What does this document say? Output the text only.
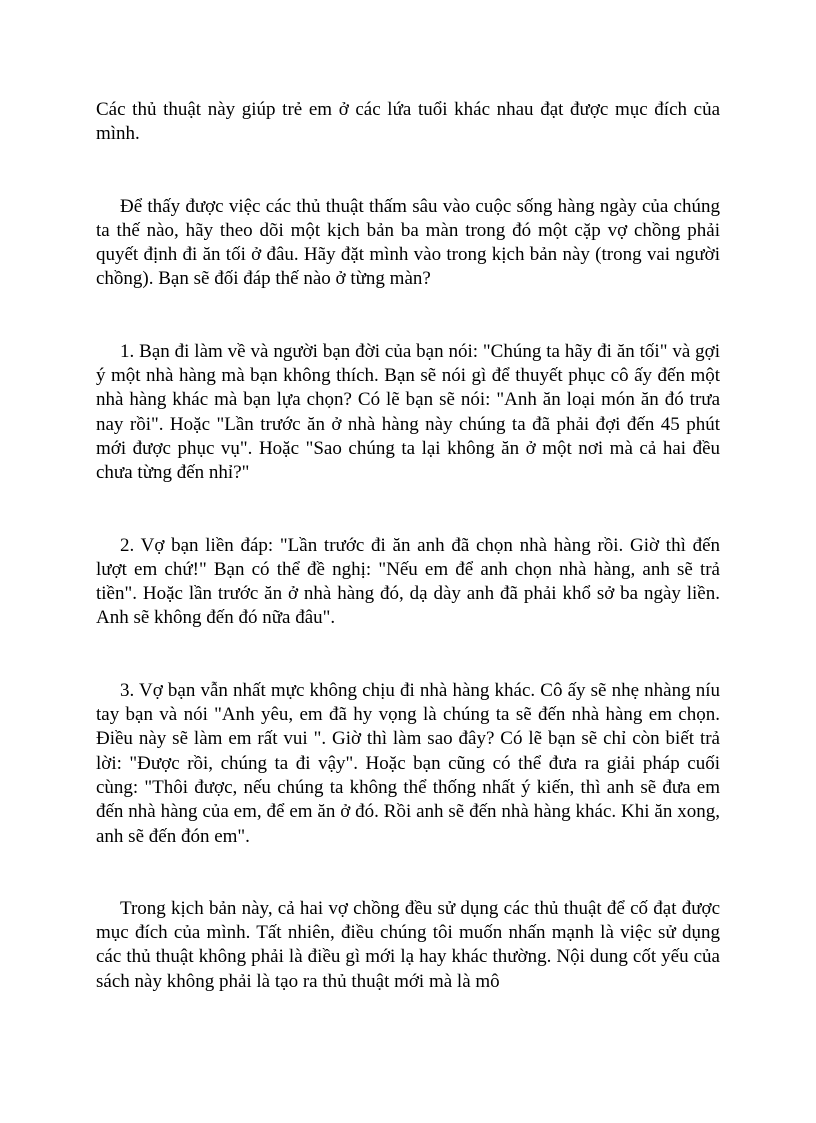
Các thủ thuật này giúp trẻ em ở các lứa tuổi khác nhau đạt được mục đích của mình.

Để thấy được việc các thủ thuật thấm sâu vào cuộc sống hàng ngày của chúng ta thế nào, hãy theo dõi một kịch bản ba màn trong đó một cặp vợ chồng phải quyết định đi ăn tối ở đâu. Hãy đặt mình vào trong kịch bản này (trong vai người chồng). Bạn sẽ đối đáp thế nào ở từng màn?

1. Bạn đi làm về và người bạn đời của bạn nói: "Chúng ta hãy đi ăn tối" và gợi ý một nhà hàng mà bạn không thích. Bạn sẽ nói gì để thuyết phục cô ấy đến một nhà hàng khác mà bạn lựa chọn? Có lẽ bạn sẽ nói: "Anh ăn loại món ăn đó trưa nay rồi". Hoặc "Lần trước ăn ở nhà hàng này chúng ta đã phải đợi đến 45 phút mới được phục vụ". Hoặc "Sao chúng ta lại không ăn ở một nơi mà cả hai đều chưa từng đến nhỉ?"

2. Vợ bạn liền đáp: "Lần trước đi ăn anh đã chọn nhà hàng rồi. Giờ thì đến lượt em chứ!" Bạn có thể đề nghị: "Nếu em để anh chọn nhà hàng, anh sẽ trả tiền". Hoặc lần trước ăn ở nhà hàng đó, dạ dày anh đã phải khổ sở ba ngày liền. Anh sẽ không đến đó nữa đâu".

3. Vợ bạn vẫn nhất mực không chịu đi nhà hàng khác. Cô ấy sẽ nhẹ nhàng níu tay bạn và nói "Anh yêu, em đã hy vọng là chúng ta sẽ đến nhà hàng em chọn. Điều này sẽ làm em rất vui ". Giờ thì làm sao đây? Có lẽ bạn sẽ chỉ còn biết trả lời: "Được rồi, chúng ta đi vậy". Hoặc bạn cũng có thể đưa ra giải pháp cuối cùng: "Thôi được, nếu chúng ta không thể thống nhất ý kiến, thì anh sẽ đưa em đến nhà hàng của em, để em ăn ở đó. Rồi anh sẽ đến nhà hàng khác. Khi ăn xong, anh sẽ đến đón em".

Trong kịch bản này, cả hai vợ chồng đều sử dụng các thủ thuật để cố đạt được mục đích của mình. Tất nhiên, điều chúng tôi muốn nhấn mạnh là việc sử dụng các thủ thuật không phải là điều gì mới lạ hay khác thường. Nội dung cốt yếu của sách này không phải là tạo ra thủ thuật mới mà là mô
